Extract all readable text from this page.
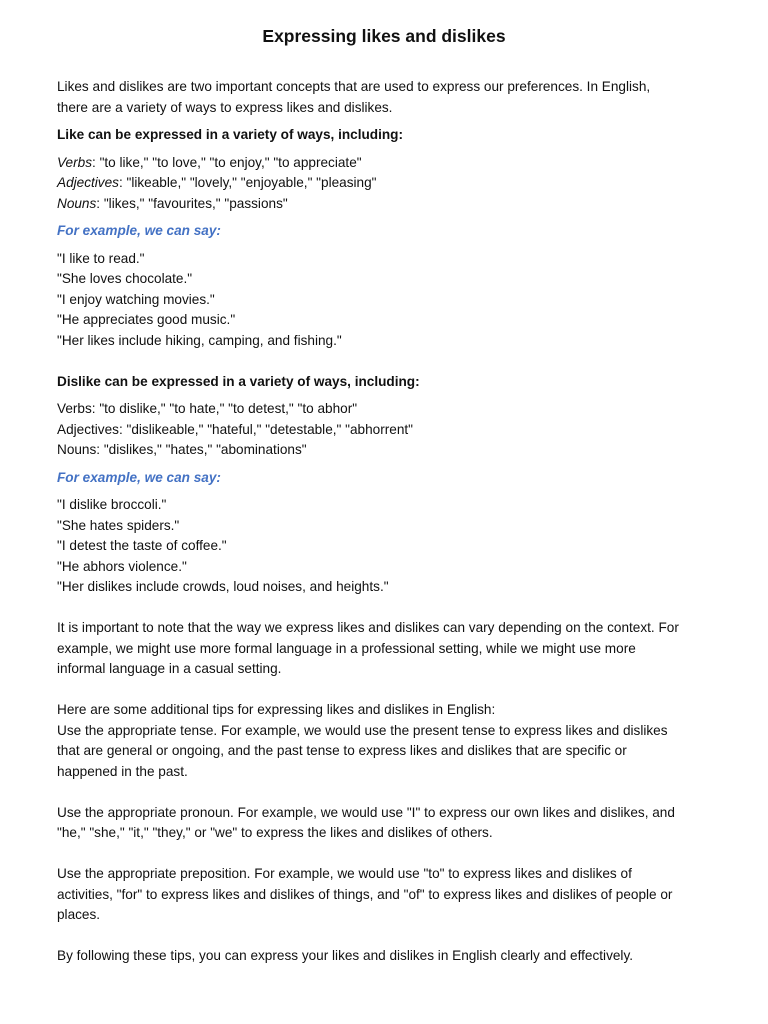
Expressing likes and dislikes

Likes and dislikes are two important concepts that are used to express our preferences. In English,
there are a variety of ways to express likes and dislikes.

Like can be expressed in a variety of ways, including:

Verbs: "to like," "to love," "to enjoy," "to appreciate"
Adjectives: "likeable," "lovely," "enjoyable," "pleasing"
Nouns: "likes," "favourites," "passions"

For example, we can say:

"I like to read."
"She loves chocolate."
"I enjoy watching movies."
"He appreciates good music."
"Her likes include hiking, camping, and fishing."

Dislike can be expressed in a variety of ways, including:

Verbs: "to dislike," "to hate," "to detest," "to abhor"
Adjectives: "dislikeable," "hateful," "detestable," "abhorrent"
Nouns: "dislikes," "hates," "abominations"

For example, we can say:

"I dislike broccoli."
"She hates spiders."
"I detest the taste of coffee."
"He abhors violence."
"Her dislikes include crowds, loud noises, and heights."

It is important to note that the way we express likes and dislikes can vary depending on the context. For
example, we might use more formal language in a professional setting, while we might use more
informal language in a casual setting.

Here are some additional tips for expressing likes and dislikes in English:
Use the appropriate tense. For example, we would use the present tense to express likes and dislikes
that are general or ongoing, and the past tense to express likes and dislikes that are specific or
happened in the past.

Use the appropriate pronoun. For example, we would use "I" to express our own likes and dislikes, and
"he," "she," "it," "they," or "we" to express the likes and dislikes of others.

Use the appropriate preposition. For example, we would use "to" to express likes and dislikes of
activities, "for" to express likes and dislikes of things, and "of" to express likes and dislikes of people or
places.

By following these tips, you can express your likes and dislikes in English clearly and effectively.
